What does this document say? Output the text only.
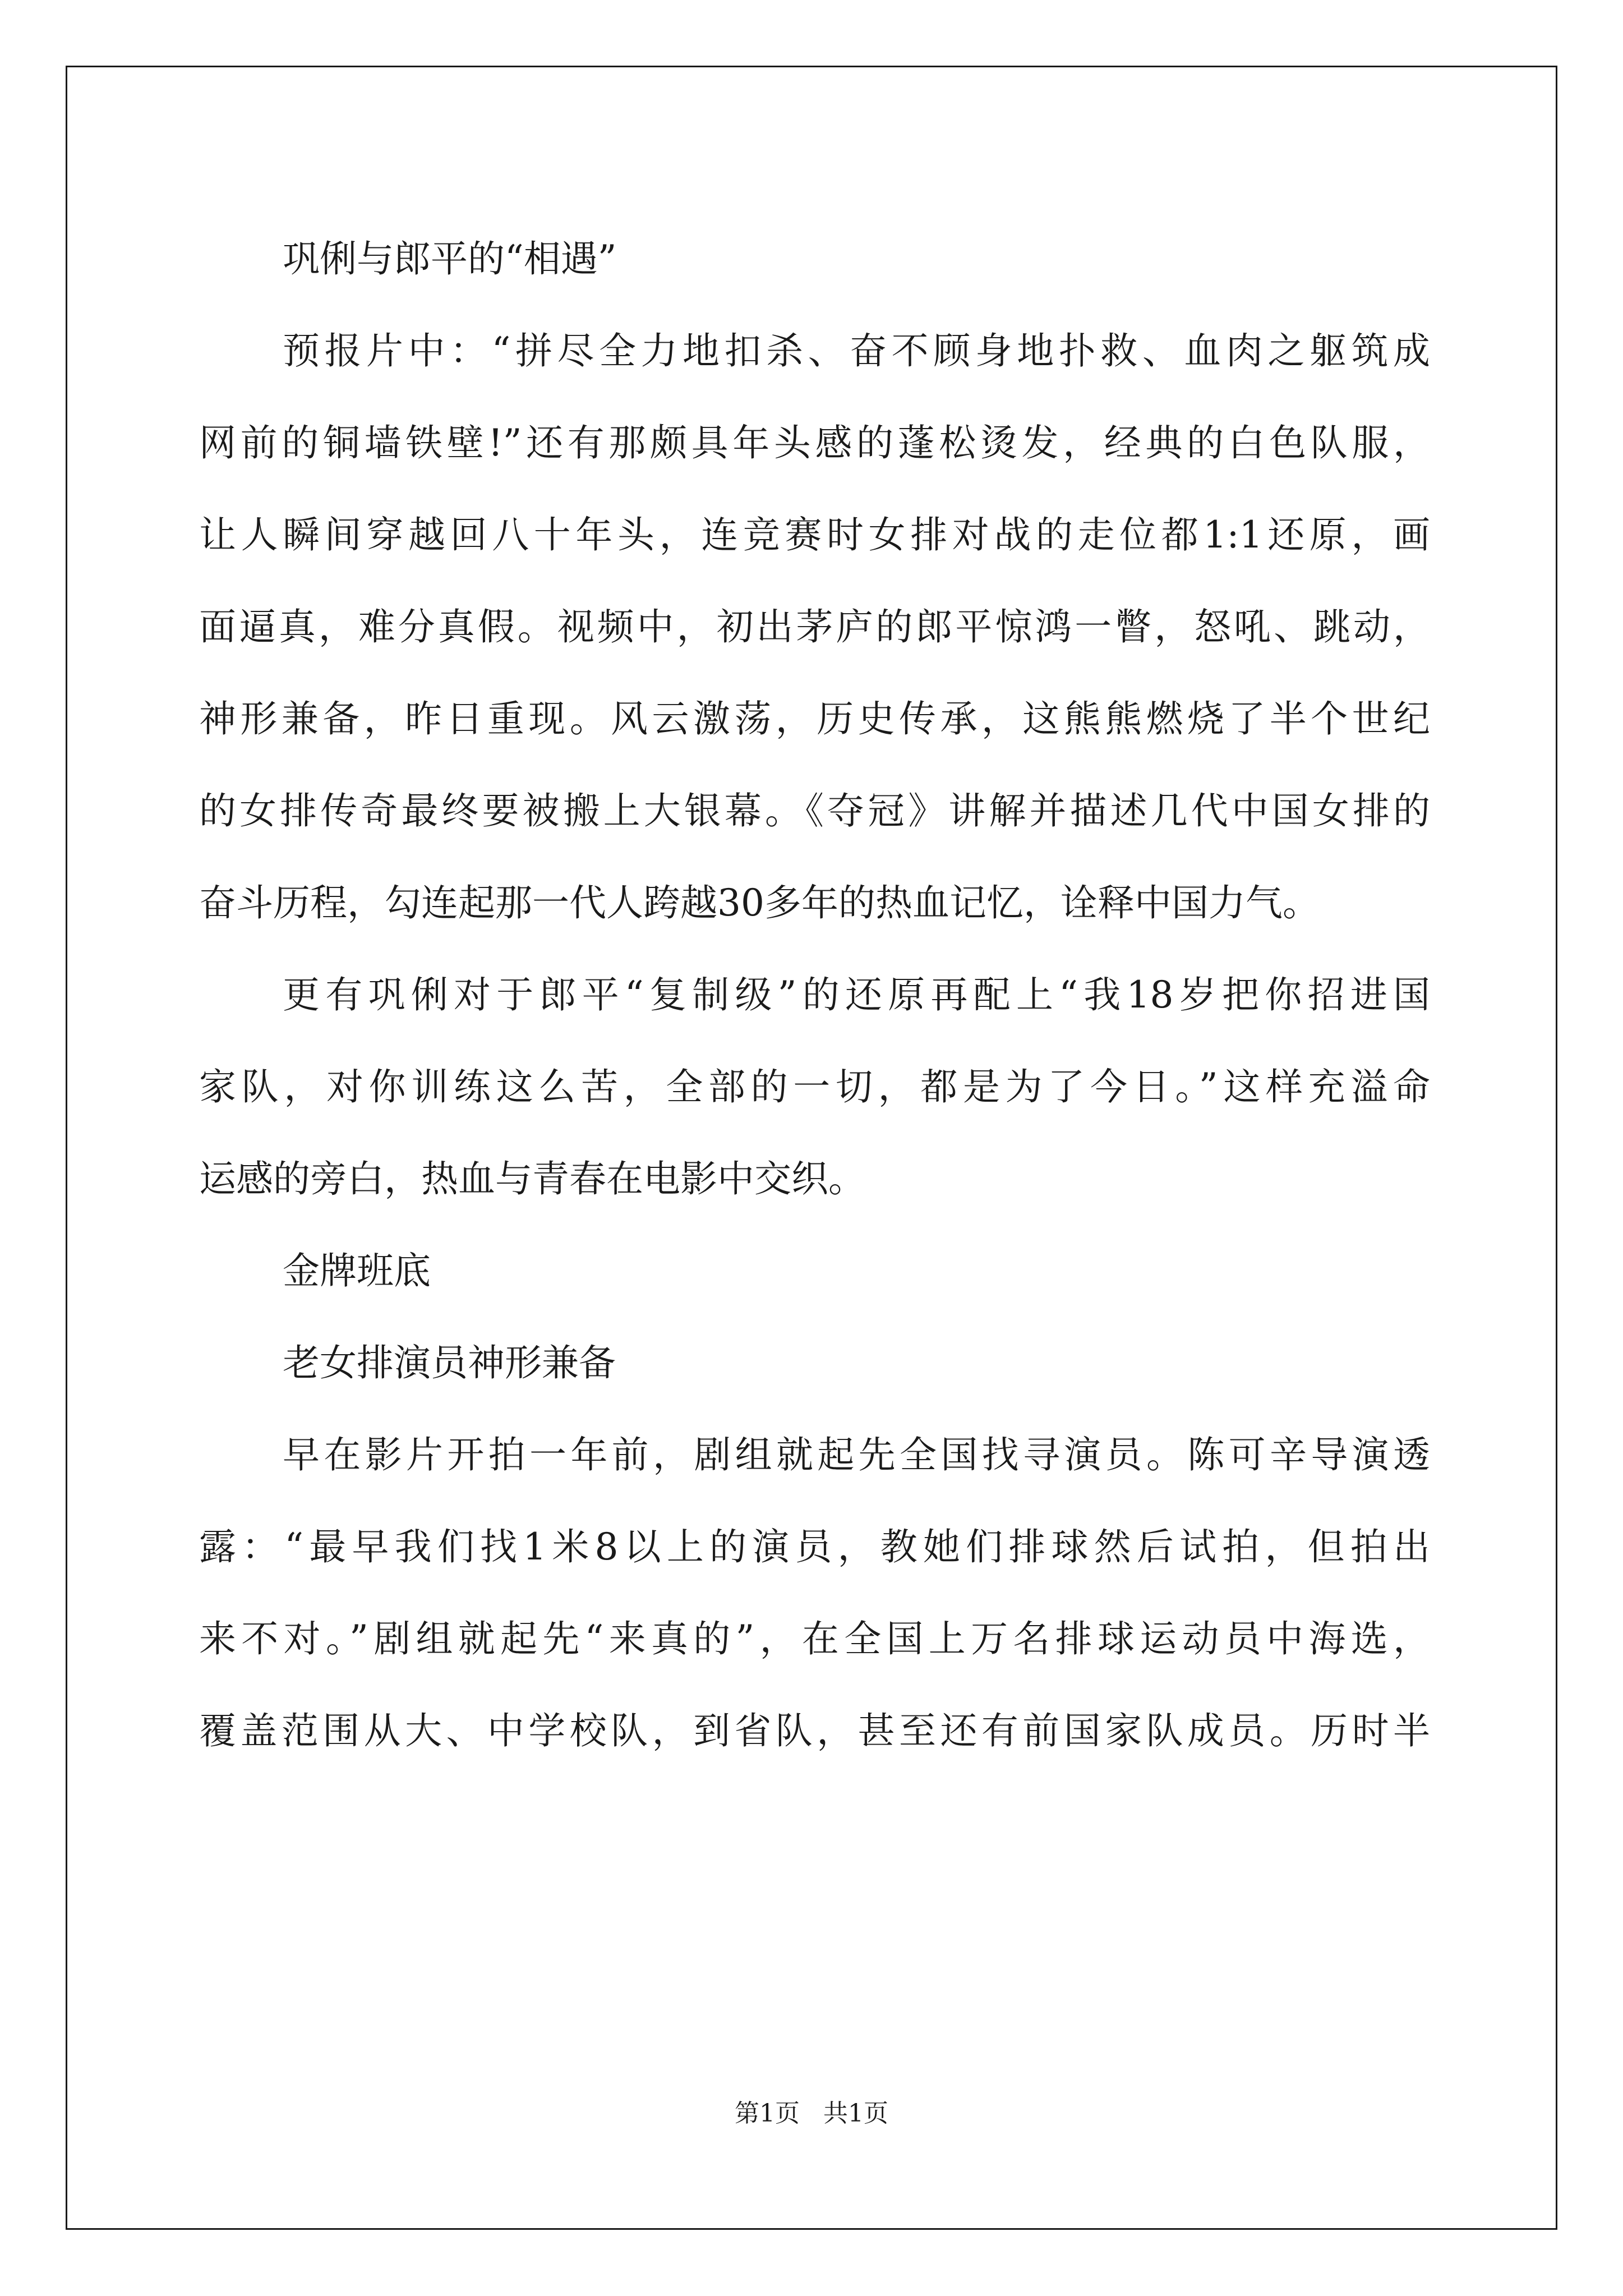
巩俐与郎平的“相遇”
预报片中：“拼尽全力地扣杀、奋不顾身地扑救、血肉之躯筑成
网前的铜墙铁壁!”还有那颇具年头感的蓬松烫发，经典的白色队服，
让人瞬间穿越回八十年头，连竞赛时女排对战的走位都1:1还原，画
面逼真，难分真假。视频中，初出茅庐的郎平惊鸿一瞥，怒吼、跳动，
神形兼备，昨日重现。风云激荡，历史传承，这熊熊燃烧了半个世纪
的女排传奇最终要被搬上大银幕。《夺冠》讲解并描述几代中国女排的
奋斗历程，勾连起那一代人跨越30多年的热血记忆，诠释中国力气。
更有巩俐对于郎平“复制级”的还原再配上“我18岁把你招进国
家队，对你训练这么苦，全部的一切，都是为了今日。”这样充溢命
运感的旁白，热血与青春在电影中交织。
金牌班底
老女排演员神形兼备
早在影片开拍一年前，剧组就起先全国找寻演员。陈可辛导演透
露：“最早我们找1米8以上的演员，教她们排球然后试拍，但拍出
来不对。”剧组就起先“来真的”，在全国上万名排球运动员中海选，
覆盖范围从大、中学校队，到省队，甚至还有前国家队成员。历时半
第1页   共1页
